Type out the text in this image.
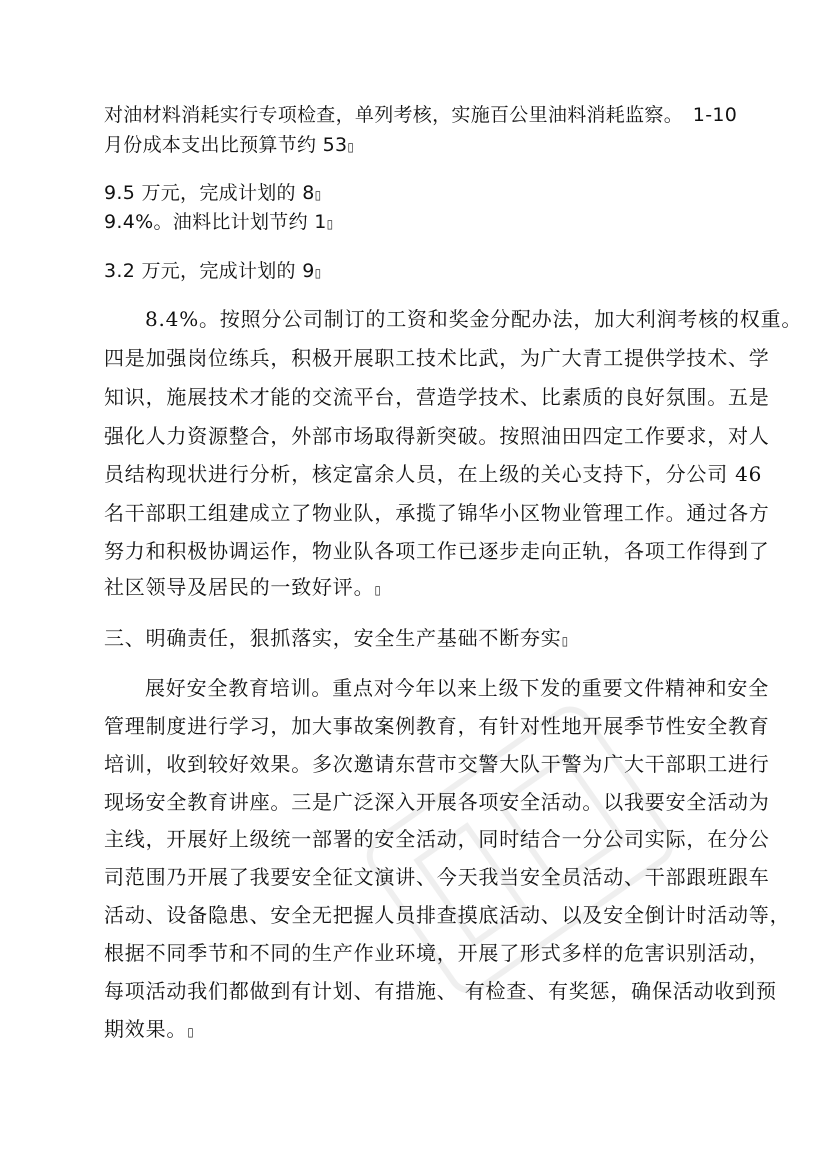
对油材料消耗实行专项检查，单列考核，实施百公里油料消耗监察。　1-10

月份成本支出比预算节约 53▯

9.5 万元，完成计划的 8▯

9.4%。油料比计划节约 1▯

3.2 万元，完成计划的 9▯

8.4%。按照分公司制订的工资和奖金分配办法，加大利润考核的权重。

四是加强岗位练兵，积极开展职工技术比武，为广大青工提供学技术、学

知识，施展技术才能的交流平台，营造学技术、比素质的良好氛围。五是

强化人力资源整合，外部市场取得新突破。按照油田四定工作要求，对人

员结构现状进行分析，核定富余人员，在上级的关心支持下，分公司 46

名干部职工组建成立了物业队，承揽了锦华小区物业管理工作。通过各方

努力和积极协调运作，物业队各项工作已逐步走向正轨，各项工作得到了

社区领导及居民的一致好评。▯

三、明确责任，狠抓落实，安全生产基础不断夯实▯

展好安全教育培训。重点对今年以来上级下发的重要文件精神和安全

管理制度进行学习，加大事故案例教育，有针对性地开展季节性安全教育

培训，收到较好效果。多次邀请东营市交警大队干警为广大干部职工进行

现场安全教育讲座。三是广泛深入开展各项安全活动。以我要安全活动为

主线，开展好上级统一部署的安全活动，同时结合一分公司实际，在分公

司范围乃开展了我要安全征文演讲、今天我当安全员活动、干部跟班跟车

活动、设备隐患、安全无把握人员排查摸底活动、以及安全倒计时活动等，

根据不同季节和不同的生产作业环境，开展了形式多样的危害识别活动，

每项活动我们都做到有计划、有措施、 有检查、有奖惩，确保活动收到预

期效果。▯
